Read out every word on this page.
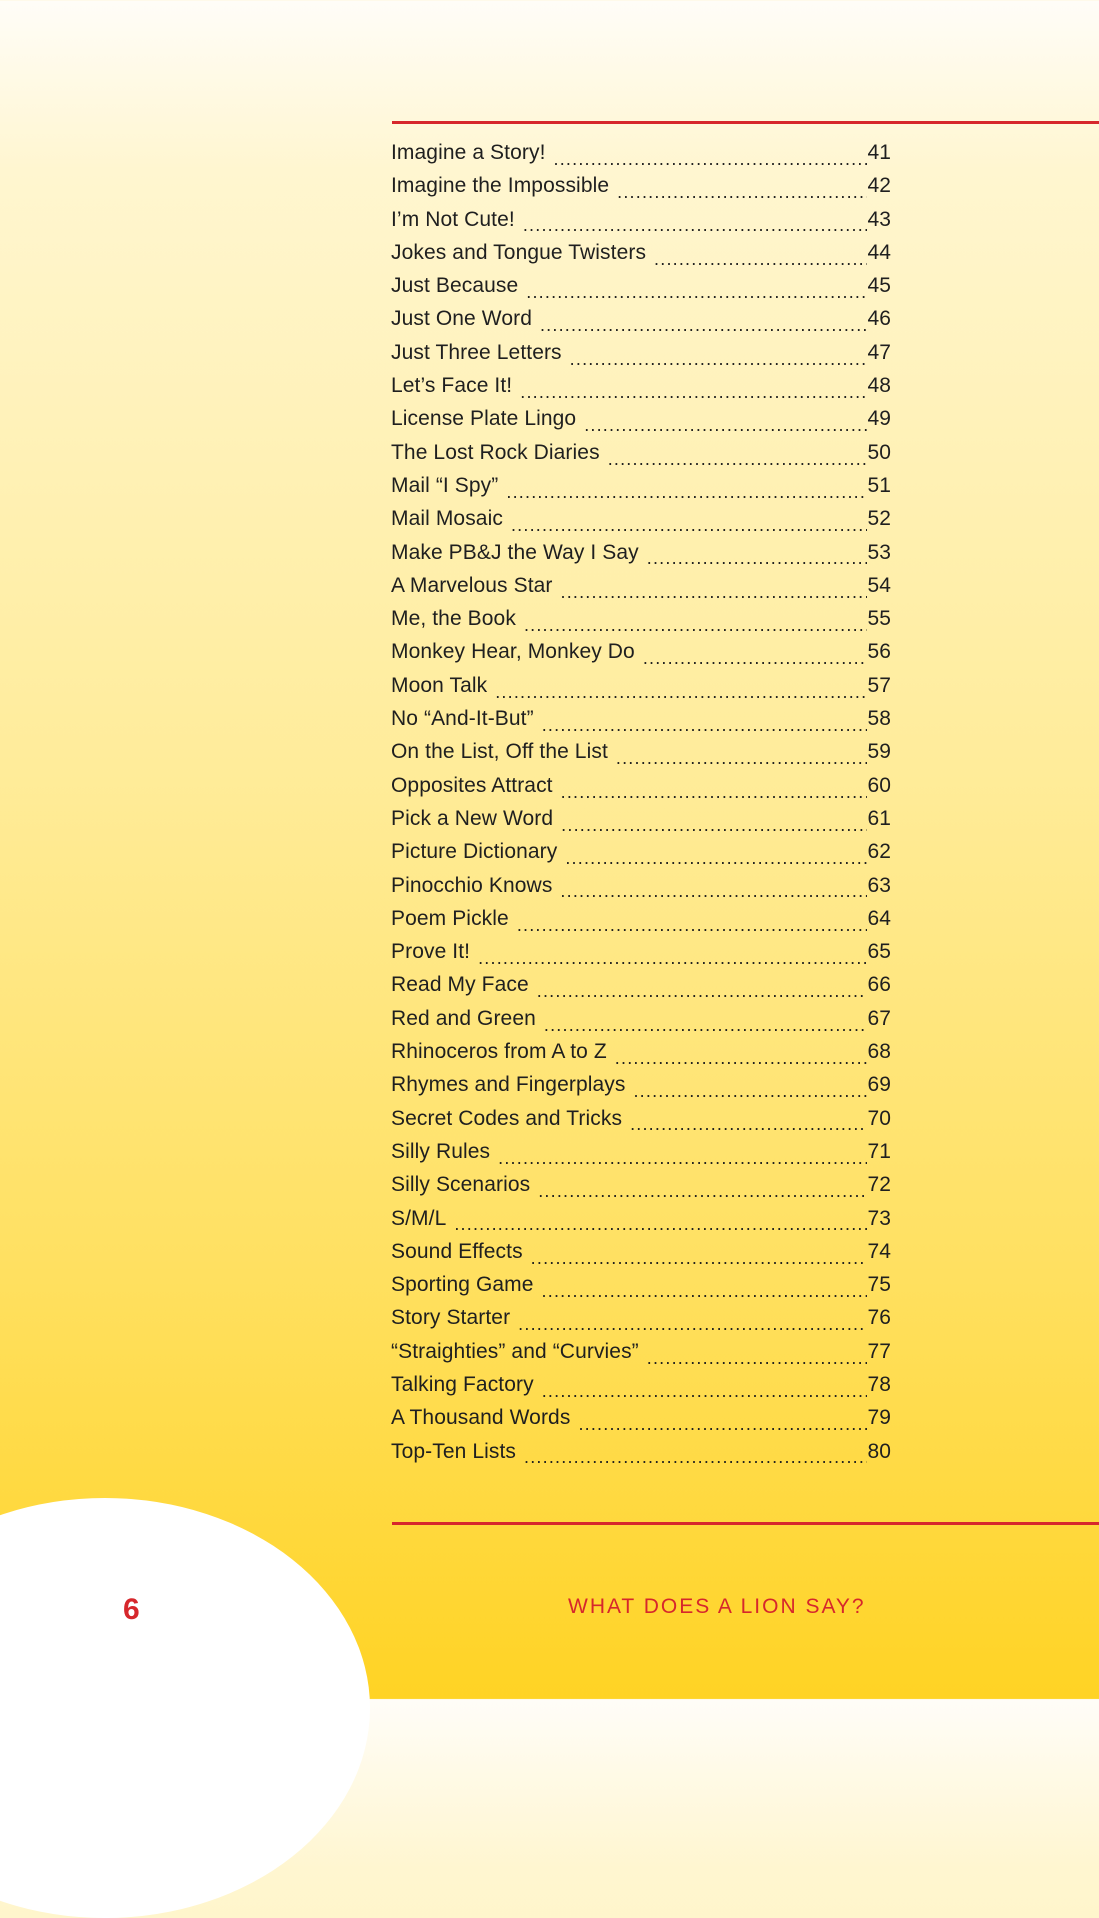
Imagine a Story!
.....	41
Imagine the Impossible
.....	42
I’m Not Cute!
.....	43
Jokes and Tongue Twisters
.....	44
Just Because
.....	45
Just One Word
.....	46
Just Three Letters
.....	47
Let’s Face It!
.....	48
License Plate Lingo
.....	49
The Lost Rock Diaries
.....	50
Mail “I Spy”
.....	51
Mail Mosaic
.....	52
Make PB&J the Way I Say
.....	53
A Marvelous Star
.....	54
Me, the Book
.....	55
Monkey Hear, Monkey Do
.....	56
Moon Talk
.....	57
No “And-It-But”
.....	58
On the List, Off the List
.....	59
Opposites Attract
.....	60
Pick a New Word
.....	61
Picture Dictionary
.....	62
Pinocchio Knows
.....	63
Poem Pickle
.....	64
Prove It!
.....	65
Read My Face
.....	66
Red and Green
.....	67
Rhinoceros from A to Z
.....	68
Rhymes and Fingerplays
.....	69
Secret Codes and Tricks
.....	70
Silly Rules
.....	71
Silly Scenarios
.....	72
S/M/L
.....	73
Sound Effects
.....	74
Sporting Game
.....	75
Story Starter
.....	76
“Straighties” and “Curvies”
.....	77
Talking Factory
.....	78
A Thousand Words
.....	79
Top-Ten Lists
.....	80
6	WHAT DOES A LION SAY?
